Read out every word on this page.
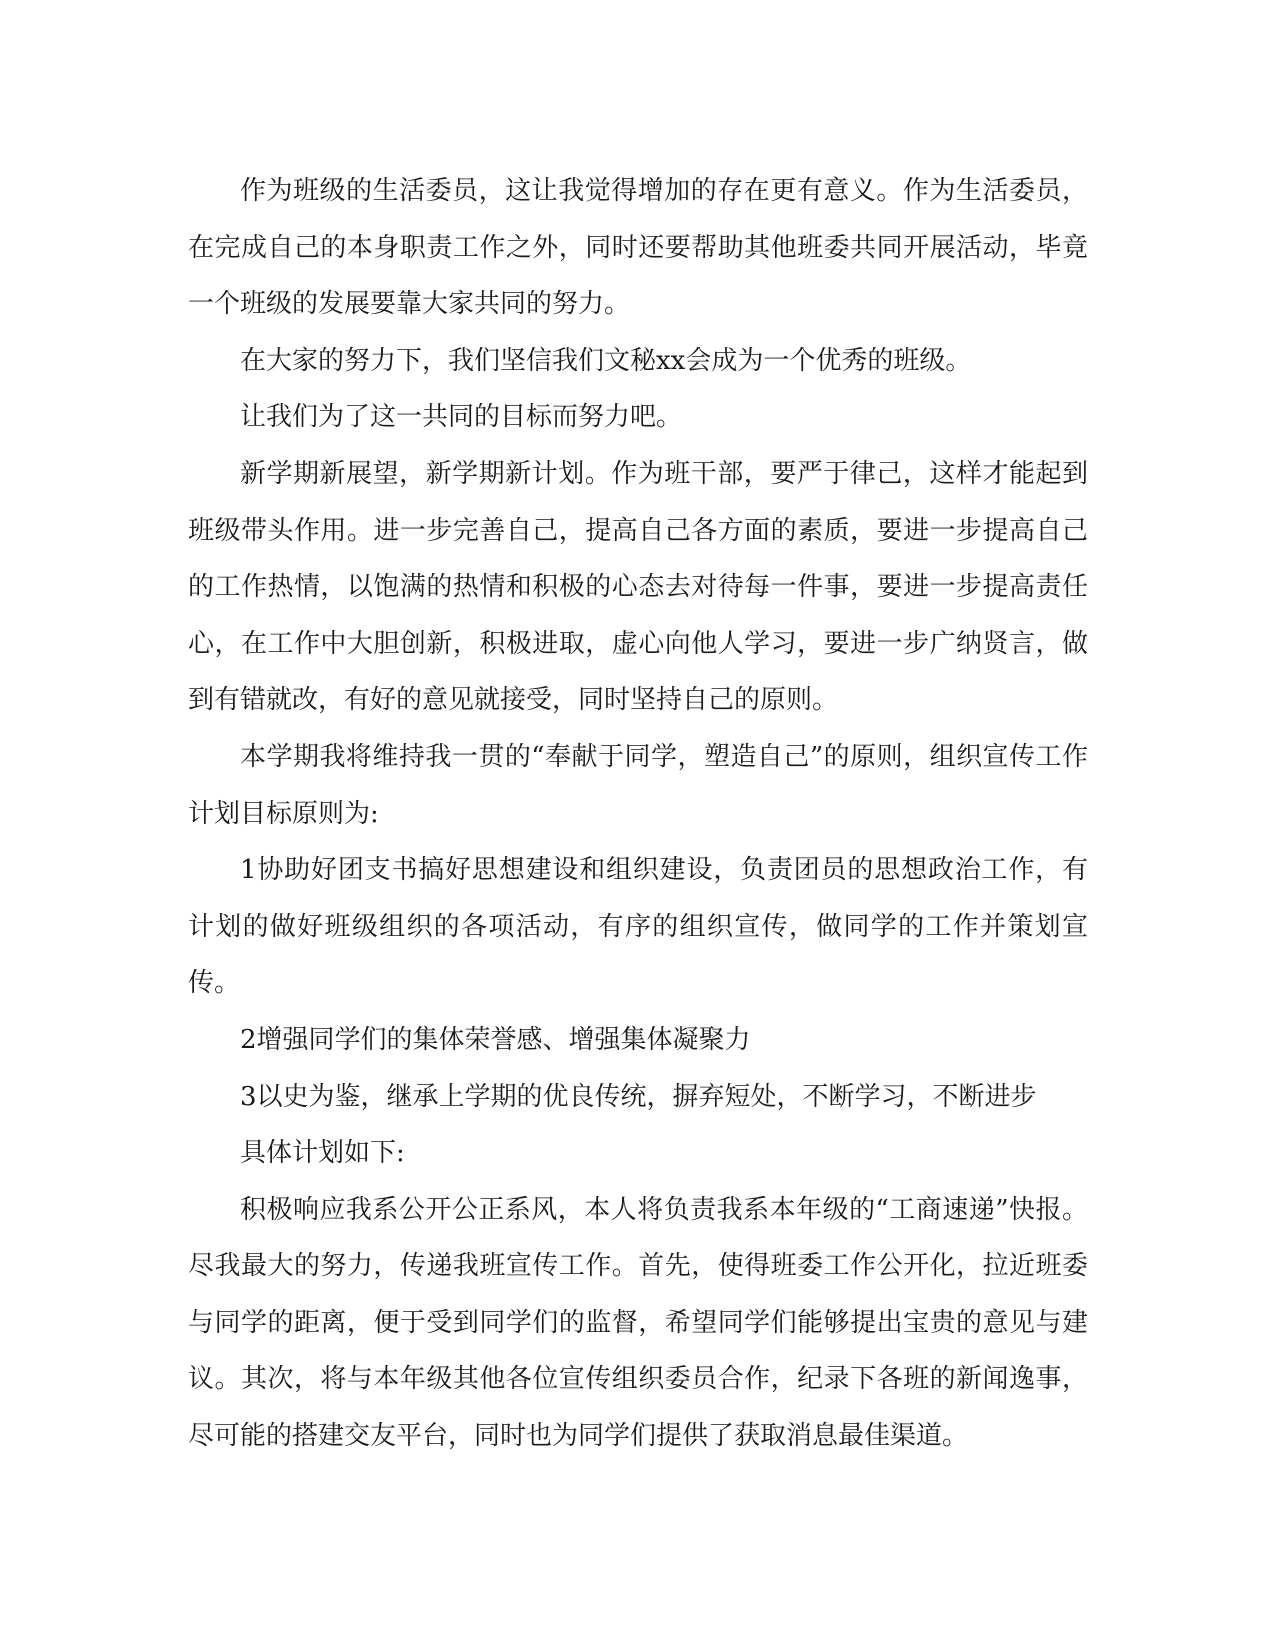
作为班级的生活委员，这让我觉得增加的存在更有意义。作为生活委员，在完成自己的本身职责工作之外，同时还要帮助其他班委共同开展活动，毕竟一个班级的发展要靠大家共同的努力。

在大家的努力下，我们坚信我们文秘xx会成为一个优秀的班级。

让我们为了这一共同的目标而努力吧。

新学期新展望，新学期新计划。作为班干部，要严于律己，这样才能起到班级带头作用。进一步完善自己，提高自己各方面的素质，要进一步提高自己的工作热情，以饱满的热情和积极的心态去对待每一件事，要进一步提高责任心，在工作中大胆创新，积极进取，虚心向他人学习，要进一步广纳贤言，做到有错就改，有好的意见就接受，同时坚持自己的原则。

本学期我将维持我一贯的“奉献于同学，塑造自己”的原则，组织宣传工作计划目标原则为:

1协助好团支书搞好思想建设和组织建设，负责团员的思想政治工作，有计划的做好班级组织的各项活动，有序的组织宣传，做同学的工作并策划宣传。

2增强同学们的集体荣誉感、增强集体凝聚力

3以史为鉴，继承上学期的优良传统，摒弃短处，不断学习，不断进步

具体计划如下:

积极响应我系公开公正系风，本人将负责我系本年级的“工商速递”快报。尽我最大的努力，传递我班宣传工作。首先，使得班委工作公开化，拉近班委与同学的距离，便于受到同学们的监督，希望同学们能够提出宝贵的意见与建议。其次，将与本年级其他各位宣传组织委员合作，纪录下各班的新闻逸事，尽可能的搭建交友平台，同时也为同学们提供了获取消息最佳渠道。
